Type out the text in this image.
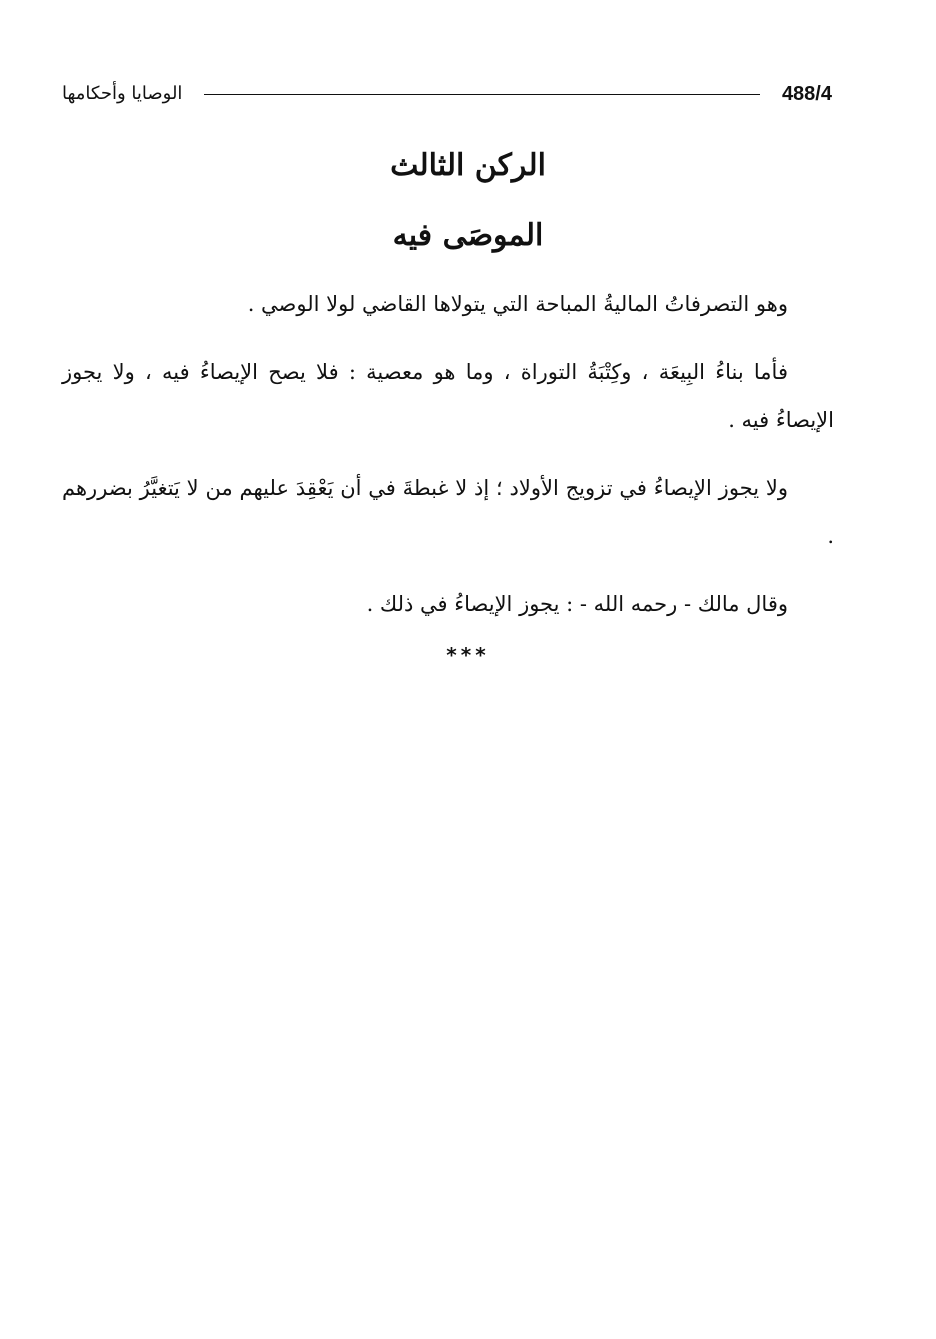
488/4
الوصايا وأحكامها
الركن الثالث
الموصَى فيه

وهو التصرفاتُ الماليةُ المباحة التي يتولاها القاضي لولا الوصي .

فأما بناءُ البِيعَة ، وكِتْبَةُ التوراة ، وما هو معصية : فلا يصح الإيصاءُ فيه ، ولا يجوز الإيصاءُ فيه .

ولا يجوز الإيصاءُ في تزويج الأولاد ؛ إذ لا غبطةَ في أن يَعْقِدَ عليهم من لا يَتغيَّرُ بضررهم .

وقال مالك - رحمه الله - : يجوز الإيصاءُ في ذلك .

***
